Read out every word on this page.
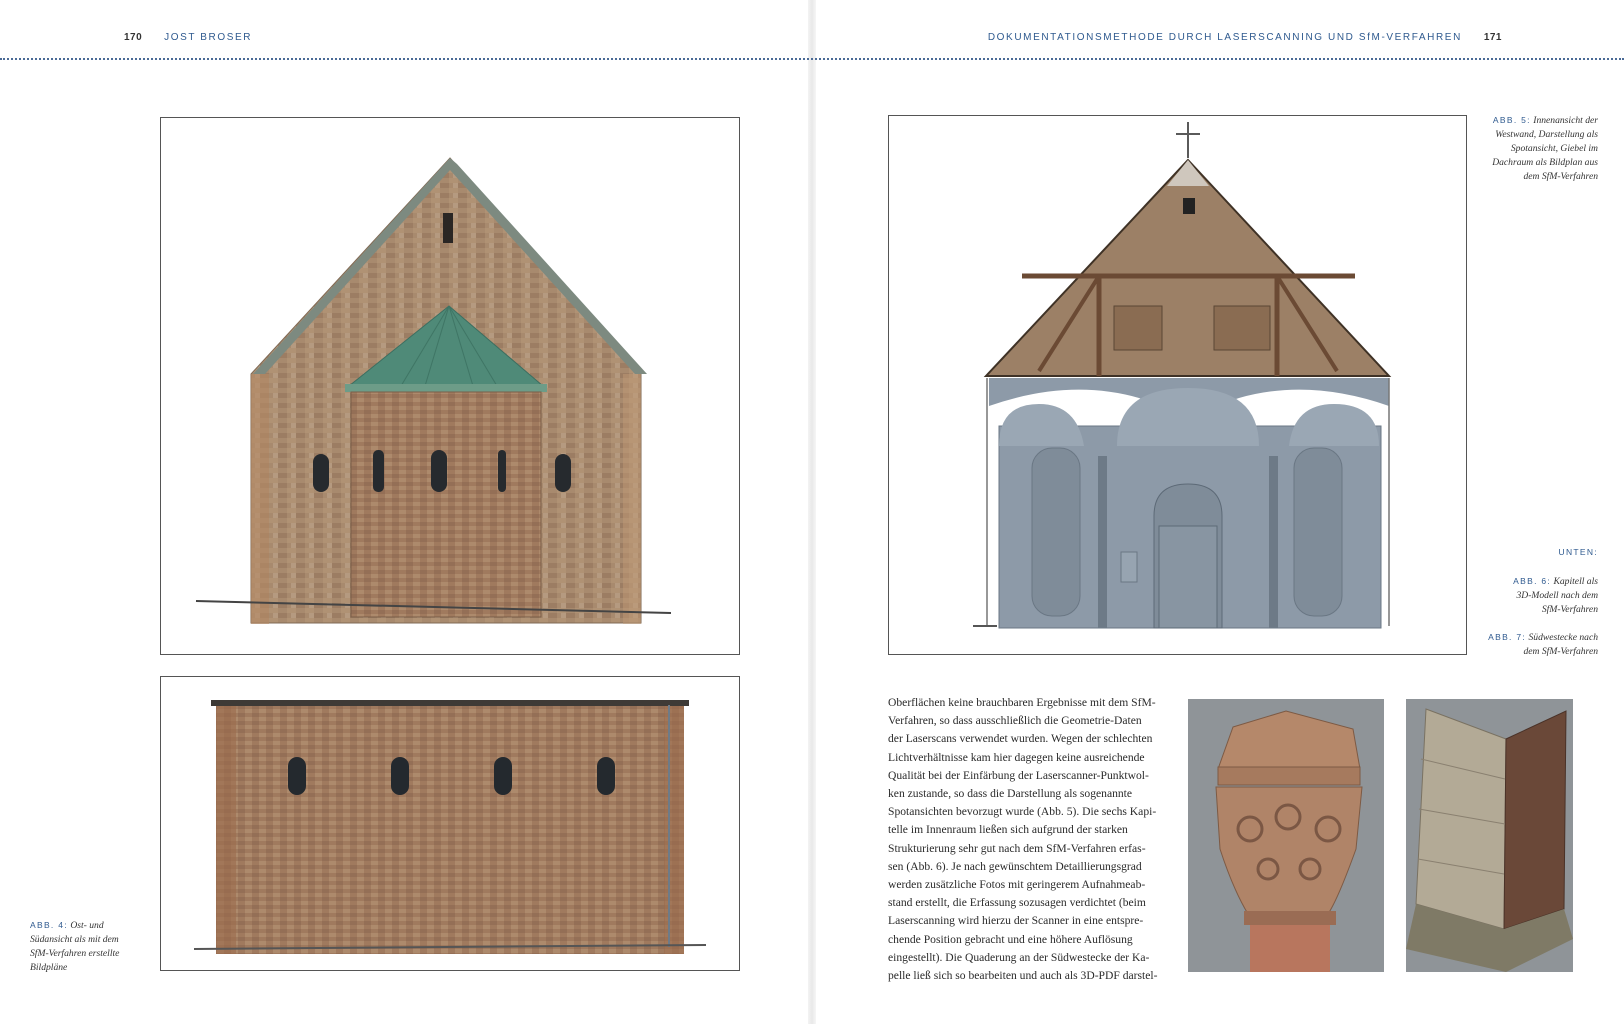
170 JOST BROSER	DOKUMENTATIONSMETHODE DURCH LASERSCANNING UND SfM-VERFAHREN 171
ABB. 4: Ost- und
Südansicht als mit dem
SfM-Verfahren erstellte
Bildpläne
ABB. 5: Innenansicht der
Westwand, Darstellung als
Spotansicht, Giebel im
Dachraum als Bildplan aus
dem SfM-Verfahren
UNTEN:
ABB. 6: Kapitell als
3D-Modell nach dem
SfM-Verfahren
ABB. 7: Südwestecke nach
dem SfM-Verfahren

Oberflächen keine brauchbaren Ergebnisse mit dem SfM-

Verfahren, so dass ausschließlich die Geometrie-Daten

der Laserscans verwendet wurden. Wegen der schlechten

Lichtverhältnisse kam hier dagegen keine ausreichende

Qualität bei der Einfärbung der Laserscanner-Punktwol-

ken zustande, so dass die Darstellung als sogenannte

Spotansichten bevorzugt wurde (Abb. 5). Die sechs Kapi-

telle im Innenraum ließen sich aufgrund der starken

Strukturierung sehr gut nach dem SfM-Verfahren erfas-

sen (Abb. 6). Je nach gewünschtem Detaillierungsgrad

werden zusätzliche Fotos mit geringerem Aufnahmeab-

stand erstellt, die Erfassung sozusagen verdichtet (beim

Laserscanning wird hierzu der Scanner in eine entspre-

chende Position gebracht und eine höhere Auflösung

eingestellt). Die Quaderung an der Südwestecke der Ka-

pelle ließ sich so bearbeiten und auch als 3D-PDF darstel-
